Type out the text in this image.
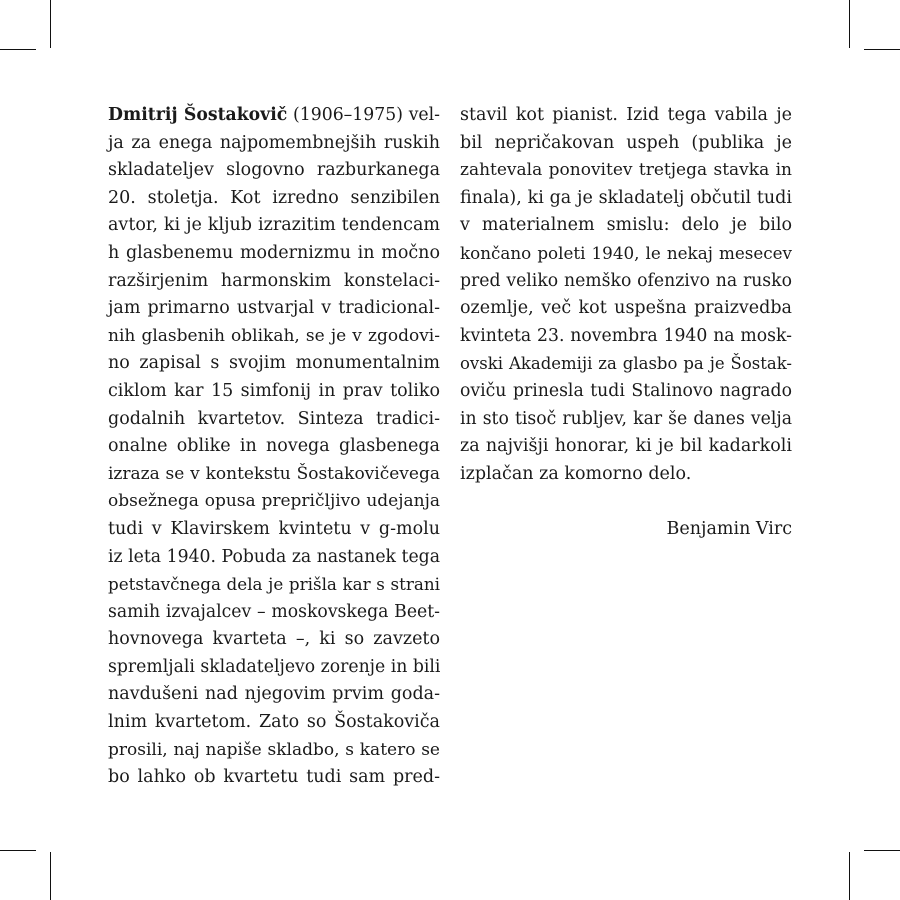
Dmitrij Šostakovič (1906–1975) vel-
ja za enega najpomembnejših ruskih
skladateljev slogovno razburkanega
20. stoletja. Kot izredno senzibilen
avtor, ki je kljub izrazitim tendencam
h glasbenemu modernizmu in močno
razširjenim harmonskim konstelaci-
jam primarno ustvarjal v tradicional-
nih glasbenih oblikah, se je v zgodovi-
no zapisal s svojim monumentalnim
ciklom kar 15 simfonij in prav toliko
godalnih kvartetov. Sinteza tradici-
onalne oblike in novega glasbenega
izraza se v kontekstu Šostakovičevega
obsežnega opusa prepričljivo udejanja
tudi v Klavirskem kvintetu v g-molu
iz leta 1940. Pobuda za nastanek tega
petstavčnega dela je prišla kar s strani
samih izvajalcev – moskovskega Beet-
hovnovega kvarteta –, ki so zavzeto
spremljali skladateljevo zorenje in bili
navdušeni nad njegovim prvim goda-
lnim kvartetom. Zato so Šostakoviča
prosili, naj napiše skladbo, s katero se
bo lahko ob kvartetu tudi sam pred-
stavil kot pianist. Izid tega vabila je
bil nepričakovan uspeh (publika je
zahtevala ponovitev tretjega stavka in
finala), ki ga je skladatelj občutil tudi
v materialnem smislu: delo je bilo
končano poleti 1940, le nekaj mesecev
pred veliko nemško ofenzivo na rusko
ozemlje, več kot uspešna praizvedba
kvinteta 23. novembra 1940 na mosk-
ovski Akademiji za glasbo pa je Šostak-
oviču prinesla tudi Stalinovo nagrado
in sto tisoč rubljev, kar še danes velja
za najvišji honorar, ki je bil kadarkoli
izplačan za komorno delo.
Benjamin Virc
